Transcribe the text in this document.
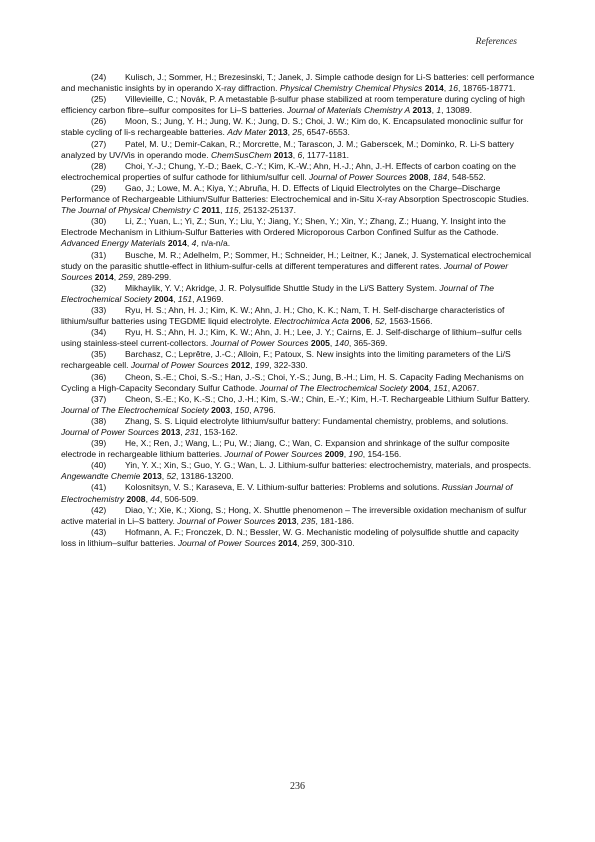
References

(24) Kulisch, J.; Sommer, H.; Brezesinski, T.; Janek, J. Simple cathode design for Li-S batteries: cell performance and mechanistic insights by in operando X-ray diffraction. Physical Chemistry Chemical Physics 2014, 16, 18765-18771.

(25) Villevieille, C.; Novák, P. A metastable β-sulfur phase stabilized at room temperature during cycling of high efficiency carbon fibre–sulfur composites for Li–S batteries. Journal of Materials Chemistry A 2013, 1, 13089.

(26) Moon, S.; Jung, Y. H.; Jung, W. K.; Jung, D. S.; Choi, J. W.; Kim do, K. Encapsulated monoclinic sulfur for stable cycling of li-s rechargeable batteries. Adv Mater 2013, 25, 6547-6553.

(27) Patel, M. U.; Demir-Cakan, R.; Morcrette, M.; Tarascon, J. M.; Gaberscek, M.; Dominko, R. Li-S battery analyzed by UV/Vis in operando mode. ChemSusChem 2013, 6, 1177-1181.

(28) Choi, Y.-J.; Chung, Y.-D.; Baek, C.-Y.; Kim, K.-W.; Ahn, H.-J.; Ahn, J.-H. Effects of carbon coating on the electrochemical properties of sulfur cathode for lithium/sulfur cell. Journal of Power Sources 2008, 184, 548-552.

(29) Gao, J.; Lowe, M. A.; Kiya, Y.; Abruña, H. D. Effects of Liquid Electrolytes on the Charge–Discharge Performance of Rechargeable Lithium/Sulfur Batteries: Electrochemical and in-Situ X-ray Absorption Spectroscopic Studies. The Journal of Physical Chemistry C 2011, 115, 25132-25137.

(30) Li, Z.; Yuan, L.; Yi, Z.; Sun, Y.; Liu, Y.; Jiang, Y.; Shen, Y.; Xin, Y.; Zhang, Z.; Huang, Y. Insight into the Electrode Mechanism in Lithium-Sulfur Batteries with Ordered Microporous Carbon Confined Sulfur as the Cathode. Advanced Energy Materials 2014, 4, n/a-n/a.

(31) Busche, M. R.; Adelhelm, P.; Sommer, H.; Schneider, H.; Leitner, K.; Janek, J. Systematical electrochemical study on the parasitic shuttle-effect in lithium-sulfur-cells at different temperatures and different rates. Journal of Power Sources 2014, 259, 289-299.

(32) Mikhaylik, Y. V.; Akridge, J. R. Polysulfide Shuttle Study in the Li/S Battery System. Journal of The Electrochemical Society 2004, 151, A1969.

(33) Ryu, H. S.; Ahn, H. J.; Kim, K. W.; Ahn, J. H.; Cho, K. K.; Nam, T. H. Self-discharge characteristics of lithium/sulfur batteries using TEGDME liquid electrolyte. Electrochimica Acta 2006, 52, 1563-1566.

(34) Ryu, H. S.; Ahn, H. J.; Kim, K. W.; Ahn, J. H.; Lee, J. Y.; Cairns, E. J. Self-discharge of lithium–sulfur cells using stainless-steel current-collectors. Journal of Power Sources 2005, 140, 365-369.

(35) Barchasz, C.; Leprêtre, J.-C.; Alloin, F.; Patoux, S. New insights into the limiting parameters of the Li/S rechargeable cell. Journal of Power Sources 2012, 199, 322-330.

(36) Cheon, S.-E.; Choi, S.-S.; Han, J.-S.; Choi, Y.-S.; Jung, B.-H.; Lim, H. S. Capacity Fading Mechanisms on Cycling a High-Capacity Secondary Sulfur Cathode. Journal of The Electrochemical Society 2004, 151, A2067.

(37) Cheon, S.-E.; Ko, K.-S.; Cho, J.-H.; Kim, S.-W.; Chin, E.-Y.; Kim, H.-T. Rechargeable Lithium Sulfur Battery. Journal of The Electrochemical Society 2003, 150, A796.

(38) Zhang, S. S. Liquid electrolyte lithium/sulfur battery: Fundamental chemistry, problems, and solutions. Journal of Power Sources 2013, 231, 153-162.

(39) He, X.; Ren, J.; Wang, L.; Pu, W.; Jiang, C.; Wan, C. Expansion and shrinkage of the sulfur composite electrode in rechargeable lithium batteries. Journal of Power Sources 2009, 190, 154-156.

(40) Yin, Y. X.; Xin, S.; Guo, Y. G.; Wan, L. J. Lithium-sulfur batteries: electrochemistry, materials, and prospects. Angewandte Chemie 2013, 52, 13186-13200.

(41) Kolosnitsyn, V. S.; Karaseva, E. V. Lithium-sulfur batteries: Problems and solutions. Russian Journal of Electrochemistry 2008, 44, 506-509.

(42) Diao, Y.; Xie, K.; Xiong, S.; Hong, X. Shuttle phenomenon – The irreversible oxidation mechanism of sulfur active material in Li–S battery. Journal of Power Sources 2013, 235, 181-186.

(43) Hofmann, A. F.; Fronczek, D. N.; Bessler, W. G. Mechanistic modeling of polysulfide shuttle and capacity loss in lithium–sulfur batteries. Journal of Power Sources 2014, 259, 300-310.

236
